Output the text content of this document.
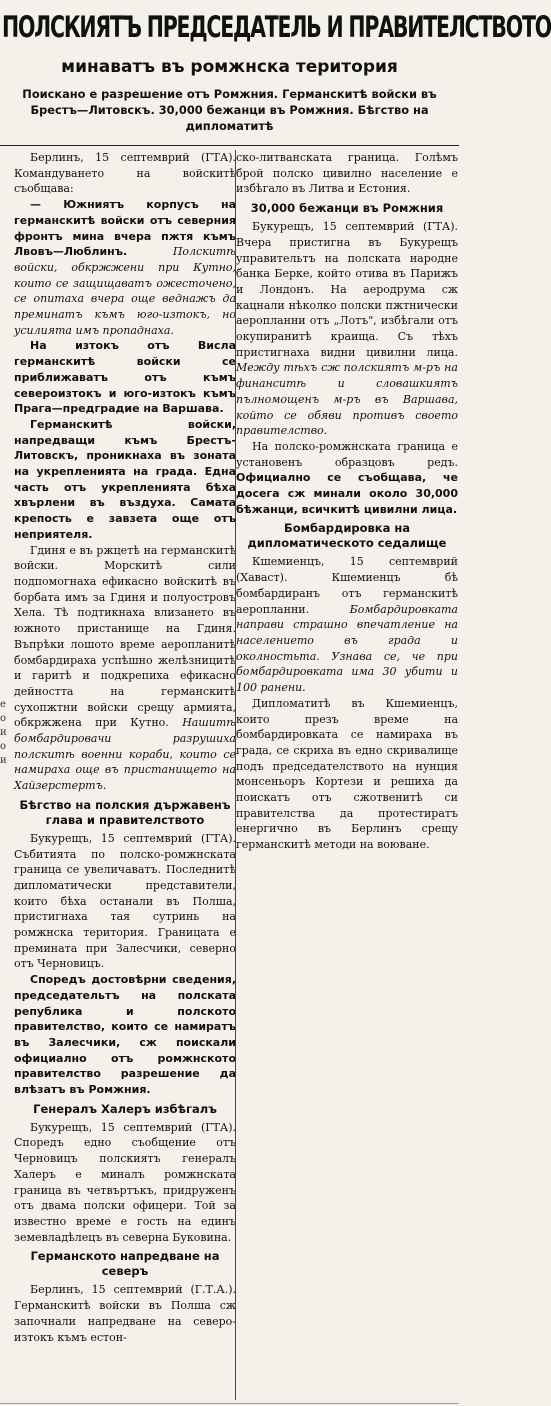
ПОЛСКИЯТЪ ПРЕДСЕДАТЕЛЬ И ПРАВИТЕЛСТВОТО
минаватъ въ ромжнска територия
Поискано е разрешение отъ Ромжния. Германскитѣ войски въ Брестъ—Литовскъ. 30,000 бежанци въ Ромжния. Бѣгство на дипломатитѣ
е
о
и
о
и

Берлинъ, 15 септемврий (ГТА). Командуването на войскитѣ съобщава:

— Южниятъ корпусъ на германскитѣ войски отъ северния фронтъ мина вчера пжтя къмъ Лвовъ—Люблинъ.	Полскитѣ войски, обкржжени при Кутно, които се защищаватъ ожесточено, се опитаха вчера още веднажъ да преминатъ къмъ юго-изтокъ, но усилията имъ пропаднаха.

На изтокъ отъ Висла германскитѣ войски се приближаватъ отъ къмъ североизтокъ и юго-изтокъ къмъ Прага—предградие на Варшава.

Германскитѣ войски, напредващи къмъ Брестъ-Литовскъ, проникнаха въ зоната на укрепленията на града. Една часть отъ укрепленията бѣха хвърлени въ въздуха. Самата крепость е завзета още отъ неприятеля.

Гдиня е въ ржцетѣ на германскитѣ войски. Морскитѣ сили подпомогнаха ефикасно войскитѣ въ борбата имъ за Гдиня и полуостровъ Хела. Тѣ подтикнаха влизането въ южното пристанище на Гдиня. Въпрѣки лошото време аеропланитѣ бомбардираха успѣшно желѣзницитѣ и гаритѣ и подкрепиха ефикасно дейността на германскитѣ сухопжтни войски срещу армията, обкржжена при Кутно. Нашитѣ бомбардировачи разрушиха полскитѣ военни кораби, които се намираха още въ пристанището на Хайзерстертъ.

Бѣгство на полския държавенъ глава и правителството

Букурещъ, 15 септемврий (ГТА). Събитията по полско-ромжнската граница се увеличаватъ. Последнитѣ дипломатически представители, които бѣха останали въ Полша, пристигнаха тая сутринь на ромжнска територия. Границата е премината при Залесчики, северно отъ Черновицъ.

Споредъ достовѣрни сведения, председательтъ на полската република и полското правителство, които се намиратъ въ Залесчики, сж поискали официално отъ ромжнското правителство разрешение да влѣзатъ въ Ромжния.

Генералъ Халеръ избѣгалъ

Букурещъ, 15 септемврий (ГТА). Споредъ едно съобщение отъ Черновицъ полскиятъ генералъ Халеръ е миналъ ромжнската граница въ четвъртъкъ, придруженъ отъ двама полски офицери. Той за известно време е гость на единъ земевладѣлецъ въ северна Буковина.

Германското напредване на северъ

Берлинъ, 15 септемврий (Г.Т.А.). Германскитѣ войски въ Полша сж започнали напредване на северо-изтокъ къмъ естон-

ско-литванската граница. Голѣмъ брой полско цивилно население е избѣгало въ Литва и Естония.

30,000 бежанци въ Ромжния

Букурещъ, 15 септемврий (ГТА). Вчера пристигна въ Букурещъ управительтъ на полската народне банка Берке, който отива въ Парижъ и Лондонъ. На аеродрума сж кацнали нѣколко полски пжтнически аеропланни отъ „Лотъ", избѣгали отъ окупиранитѣ краища. Съ тѣхъ пристигнаха видни цивилни лица. Между тѣхъ сж полскиятъ м-ръ на финанситѣ и словашкиятъ пълномощенъ м-ръ въ Варшава, който се обяви противъ своето правителство.

На полско-ромжнската граница е установенъ образцовъ редъ. Официално се съобщава, че досега сж минали около 30,000 бѣжанци, всичкитѣ цивилни лица.

Бомбардировка на дипломатическото седалище

Кшемиенцъ, 15 септемврий (Хаваст). Кшемиенцъ бѣ бомбардиранъ отъ германскитѣ аеропланни.	Бомбардировката направи страшно впечатление на населението въ града и околностьта. Узнава се, че при бомбардировката има 30 убити и 100 ранени.

Дипломатитѣ въ Кшемиенцъ, които презъ време на бомбардировката се намираха въ града, се скриха въ едно скривалище подъ председателството на нунция монсеньоръ Кортези и решиха да поискатъ отъ сжотвенитѣ си правителства да протестиратъ енергично въ Берлинъ срещу германскитѣ методи на воюване.
